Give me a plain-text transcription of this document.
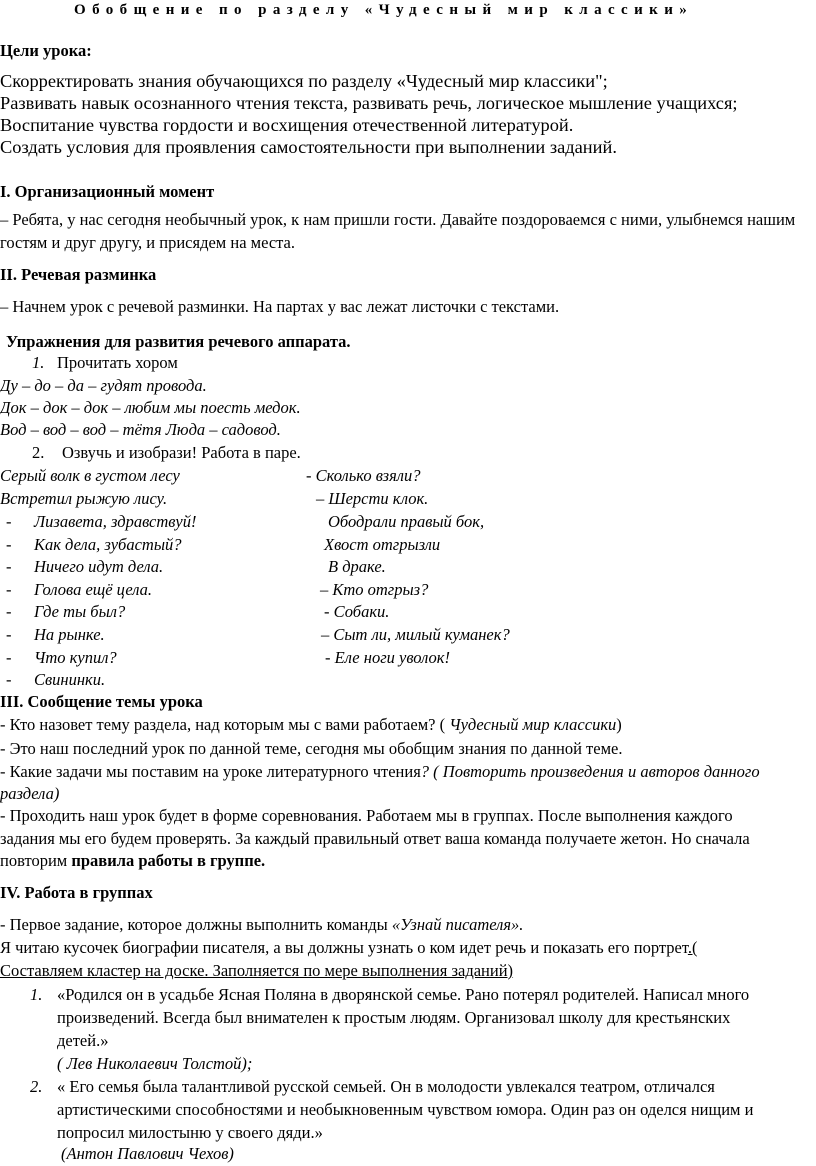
Обобщение по разделу «Чудесный мир классики»
Цели урока:
Скорректировать знания обучающихся по разделу «Чудесный мир классики";
Развивать навык осознанного чтения текста, развивать речь, логическое мышление учащихся;
Воспитание чувства гордости и восхищения отечественной литературой.
Создать условия для проявления самостоятельности при выполнении заданий.
I. Организационный момент
– Ребята, у нас сегодня необычный урок, к нам пришли гости. Давайте поздороваемся с ними, улыбнемся нашим
гостям и друг другу, и присядем на места.
II. Речевая разминка
– Начнем урок с речевой разминки. На партах у вас лежат листочки с текстами.
Упражнения для развития речевого аппарата.
1. Прочитать хором
Ду – до – да – гудят провода.
Док – док – док – любим мы поесть медок.
Вод – вод – вод – тётя Люда – садовод.
2. Озвучь и изобрази! Работа в паре.
Серый волк в густом лесу
Встретил рыжую лису.
- Лизавета, здравствуй!
- Как дела, зубастый?
- Ничего идут дела.
- Голова ещё цела.
- Где ты был?
- На рынке.
- Что купил?
- Свининки.
- Сколько взяли?
– Шерсти клок.
Ободрали правый бок,
Хвост отгрызли
В драке.
– Кто отгрыз?
- Собаки.
– Сыт ли, милый куманек?
- Еле ноги уволок!
III. Сообщение темы урока
- Кто назовет тему раздела, над которым мы с вами работаем? ( Чудесный мир классики)
- Это наш последний урок по данной теме, сегодня мы обобщим знания по данной теме.
- Какие задачи мы поставим на уроке литературного чтения? ( Повторить произведения и авторов данного
раздела)
- Проходить наш урок будет в форме соревнования. Работаем мы в группах. После выполнения каждого
задания мы его будем проверять. За каждый правильный ответ ваша команда получаете жетон. Но сначала
повторим правила работы в группе.
IV. Работа в группах
- Первое задание, которое должны выполнить команды «Узнай писателя».
Я читаю кусочек биографии писателя, а вы должны узнать о ком идет речь и показать его портрет.(
Составляем кластер на доске. Заполняется по мере выполнения заданий)
1. «Родился он в усадьбе Ясная Поляна в дворянской семье. Рано потерял родителей. Написал много
произведений. Всегда был внимателен к простым людям. Организовал школу для крестьянских
детей.»
( Лев Николаевич Толстой);
2. « Его семья была талантливой русской семьей. Он в молодости увлекался театром, отличался
артистическими способностями и необыкновенным чувством юмора. Один раз он оделся нищим и
попросил милостыню у своего дяди.»
(Антон Павлович Чехов)
